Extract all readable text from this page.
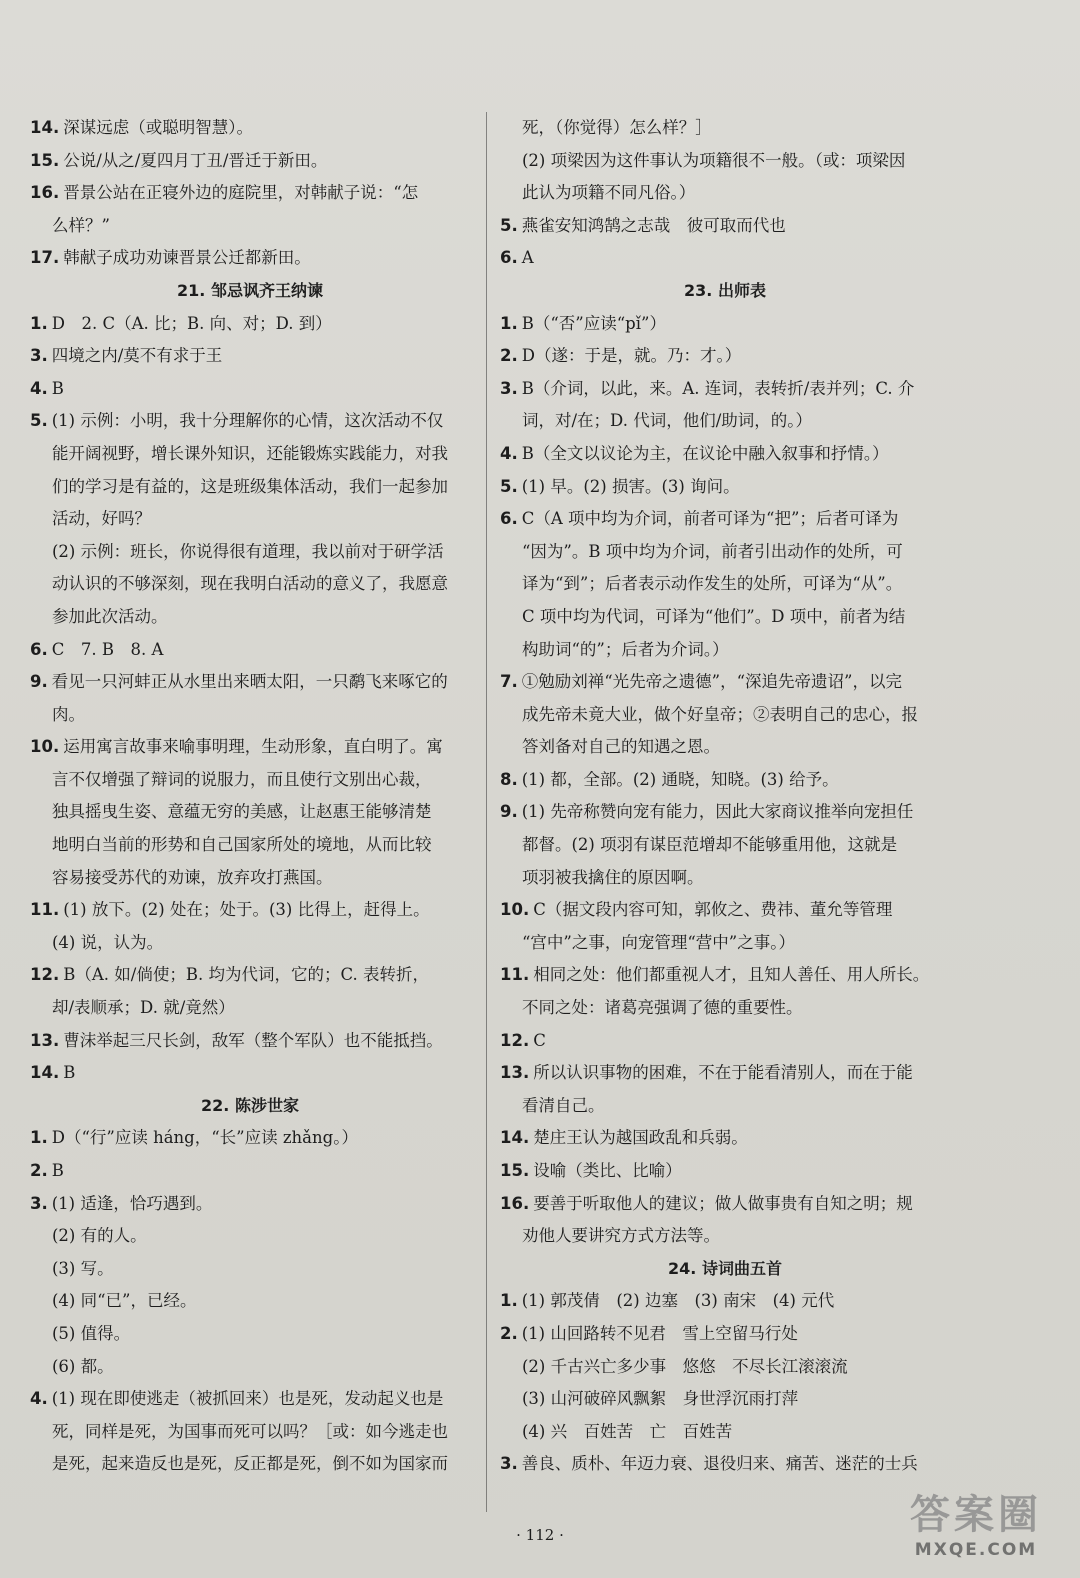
14. 深谋远虑（或聪明智慧）。
15. 公说/从之/夏四月丁丑/晋迁于新田。
16. 晋景公站在正寝外边的庭院里，对韩献子说：“怎
么样？”
17. 韩献子成功劝谏晋景公迁都新田。
21. 邹忌讽齐王纳谏
1. D　2. C（A. 比；B. 向、对；D. 到）
3. 四境之内/莫不有求于王
4. B
5. (1) 示例：小明，我十分理解你的心情，这次活动不仅
能开阔视野，增长课外知识，还能锻炼实践能力，对我
们的学习是有益的，这是班级集体活动，我们一起参加
活动，好吗？
(2) 示例：班长，你说得很有道理，我以前对于研学活
动认识的不够深刻，现在我明白活动的意义了，我愿意
参加此次活动。
6. C　7. B　8. A
9. 看见一只河蚌正从水里出来晒太阳，一只鹬飞来啄它的
肉。
10. 运用寓言故事来喻事明理，生动形象，直白明了。寓
言不仅增强了辩词的说服力，而且使行文别出心裁，
独具摇曳生姿、意蕴无穷的美感，让赵惠王能够清楚
地明白当前的形势和自己国家所处的境地，从而比较
容易接受苏代的劝谏，放弃攻打燕国。
11. (1) 放下。(2) 处在；处于。(3) 比得上，赶得上。
(4) 说，认为。
12. B（A. 如/倘使；B. 均为代词，它的；C. 表转折，
却/表顺承；D. 就/竟然）
13. 曹沫举起三尺长剑，敌军（整个军队）也不能抵挡。
14. B
22. 陈涉世家
1. D（“行”应读 háng，“长”应读 zhǎng。）
2. B
3. (1) 适逢，恰巧遇到。
(2) 有的人。
(3) 写。
(4) 同“已”，已经。
(5) 值得。
(6) 都。
4. (1) 现在即使逃走（被抓回来）也是死，发动起义也是
死，同样是死，为国事而死可以吗？［或：如今逃走也
是死，起来造反也是死，反正都是死，倒不如为国家而
死，（你觉得）怎么样？］
(2) 项梁因为这件事认为项籍很不一般。（或：项梁因
此认为项籍不同凡俗。）
5. 燕雀安知鸿鹄之志哉　彼可取而代也
6. A
23. 出师表
1. B（“否”应读“pǐ”）
2. D（遂：于是，就。乃：才。）
3. B（介词，以此，来。A. 连词，表转折/表并列；C. 介
词，对/在；D. 代词，他们/助词，的。）
4. B（全文以议论为主，在议论中融入叙事和抒情。）
5. (1) 早。(2) 损害。(3) 询问。
6. C（A 项中均为介词，前者可译为“把”；后者可译为
“因为”。B 项中均为介词，前者引出动作的处所，可
译为“到”；后者表示动作发生的处所，可译为“从”。
C 项中均为代词，可译为“他们”。D 项中，前者为结
构助词“的”；后者为介词。）
7. ①勉励刘禅“光先帝之遗德”，“深追先帝遗诏”，以完
成先帝未竟大业，做个好皇帝；②表明自己的忠心，报
答刘备对自己的知遇之恩。
8. (1) 都，全部。(2) 通晓，知晓。(3) 给予。
9. (1) 先帝称赞向宠有能力，因此大家商议推举向宠担任
都督。(2) 项羽有谋臣范增却不能够重用他，这就是
项羽被我擒住的原因啊。
10. C（据文段内容可知，郭攸之、费祎、董允等管理
“宫中”之事，向宠管理“营中”之事。）
11. 相同之处：他们都重视人才，且知人善任、用人所长。
不同之处：诸葛亮强调了德的重要性。
12. C
13. 所以认识事物的困难，不在于能看清别人，而在于能
看清自己。
14. 楚庄王认为越国政乱和兵弱。
15. 设喻（类比、比喻）
16. 要善于听取他人的建议；做人做事贵有自知之明；规
劝他人要讲究方式方法等。
24. 诗词曲五首
1. (1) 郭茂倩　(2) 边塞　(3) 南宋　(4) 元代
2. (1) 山回路转不见君　雪上空留马行处
(2) 千古兴亡多少事　悠悠　不尽长江滚滚流
(3) 山河破碎风飘絮　身世浮沉雨打萍
(4) 兴　百姓苦　亡　百姓苦
3. 善良、质朴、年迈力衰、退役归来、痛苦、迷茫的士兵
· 112 ·	答案圈
MXQE.COM
